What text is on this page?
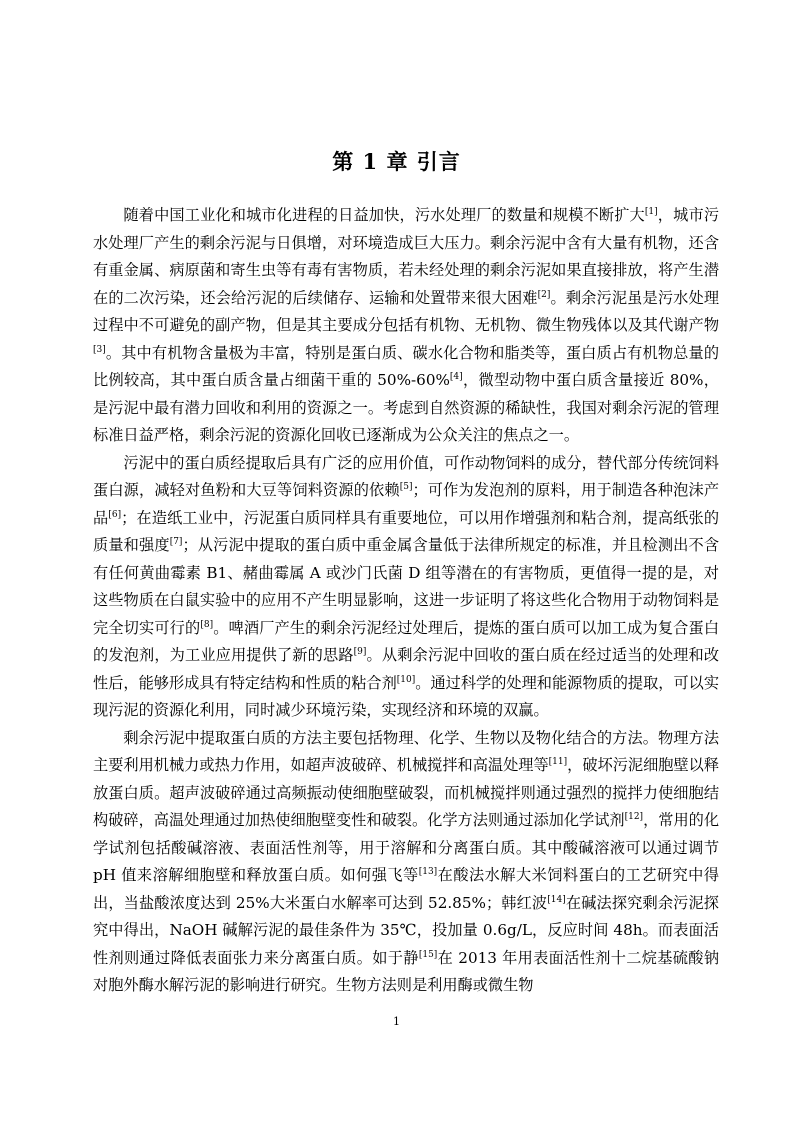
第 1 章 引言

随着中国工业化和城市化进程的日益加快，污水处理厂的数量和规模不断扩大[1]，城市污水处理厂产生的剩余污泥与日俱增，对环境造成巨大压力。剩余污泥中含有大量有机物，还含有重金属、病原菌和寄生虫等有毒有害物质，若未经处理的剩余污泥如果直接排放，将产生潜在的二次污染，还会给污泥的后续储存、运输和处置带来很大困难[2]。剩余污泥虽是污水处理过程中不可避免的副产物，但是其主要成分包括有机物、无机物、微生物残体以及其代谢产物[3]。其中有机物含量极为丰富，特别是蛋白质、碳水化合物和脂类等，蛋白质占有机物总量的比例较高，其中蛋白质含量占细菌干重的 50%-60%[4]，微型动物中蛋白质含量接近 80%，是污泥中最有潜力回收和利用的资源之一。考虑到自然资源的稀缺性，我国对剩余污泥的管理标准日益严格，剩余污泥的资源化回收已逐渐成为公众关注的焦点之一。

污泥中的蛋白质经提取后具有广泛的应用价值，可作动物饲料的成分，替代部分传统饲料蛋白源，减轻对鱼粉和大豆等饲料资源的依赖[5]；可作为发泡剂的原料，用于制造各种泡沫产品[6]；在造纸工业中，污泥蛋白质同样具有重要地位，可以用作增强剂和粘合剂，提高纸张的质量和强度[7]；从污泥中提取的蛋白质中重金属含量低于法律所规定的标准，并且检测出不含有任何黄曲霉素 B1、赭曲霉属 A 或沙门氏菌 D 组等潜在的有害物质，更值得一提的是，对这些物质在白鼠实验中的应用不产生明显影响，这进一步证明了将这些化合物用于动物饲料是完全切实可行的[8]。啤酒厂产生的剩余污泥经过处理后，提炼的蛋白质可以加工成为复合蛋白的发泡剂，为工业应用提供了新的思路[9]。从剩余污泥中回收的蛋白质在经过适当的处理和改性后，能够形成具有特定结构和性质的粘合剂[10]。通过科学的处理和能源物质的提取，可以实现污泥的资源化利用，同时减少环境污染，实现经济和环境的双赢。

剩余污泥中提取蛋白质的方法主要包括物理、化学、生物以及物化结合的方法。物理方法主要利用机械力或热力作用，如超声波破碎、机械搅拌和高温处理等[11]，破坏污泥细胞壁以释放蛋白质。超声波破碎通过高频振动使细胞壁破裂，而机械搅拌则通过强烈的搅拌力使细胞结构破碎，高温处理通过加热使细胞壁变性和破裂。化学方法则通过添加化学试剂[12]，常用的化学试剂包括酸碱溶液、表面活性剂等，用于溶解和分离蛋白质。其中酸碱溶液可以通过调节 pH 值来溶解细胞壁和释放蛋白质。如何强飞等[13]在酸法水解大米饲料蛋白的工艺研究中得出，当盐酸浓度达到 25%大米蛋白水解率可达到 52.85%；韩红波[14]在碱法探究剩余污泥探究中得出，NaOH 碱解污泥的最佳条件为 35℃，投加量 0.6g/L，反应时间 48h。而表面活性剂则通过降低表面张力来分离蛋白质。如于静[15]在 2013 年用表面活性剂十二烷基硫酸钠对胞外酶水解污泥的影响进行研究。生物方法则是利用酶或微生物

1
